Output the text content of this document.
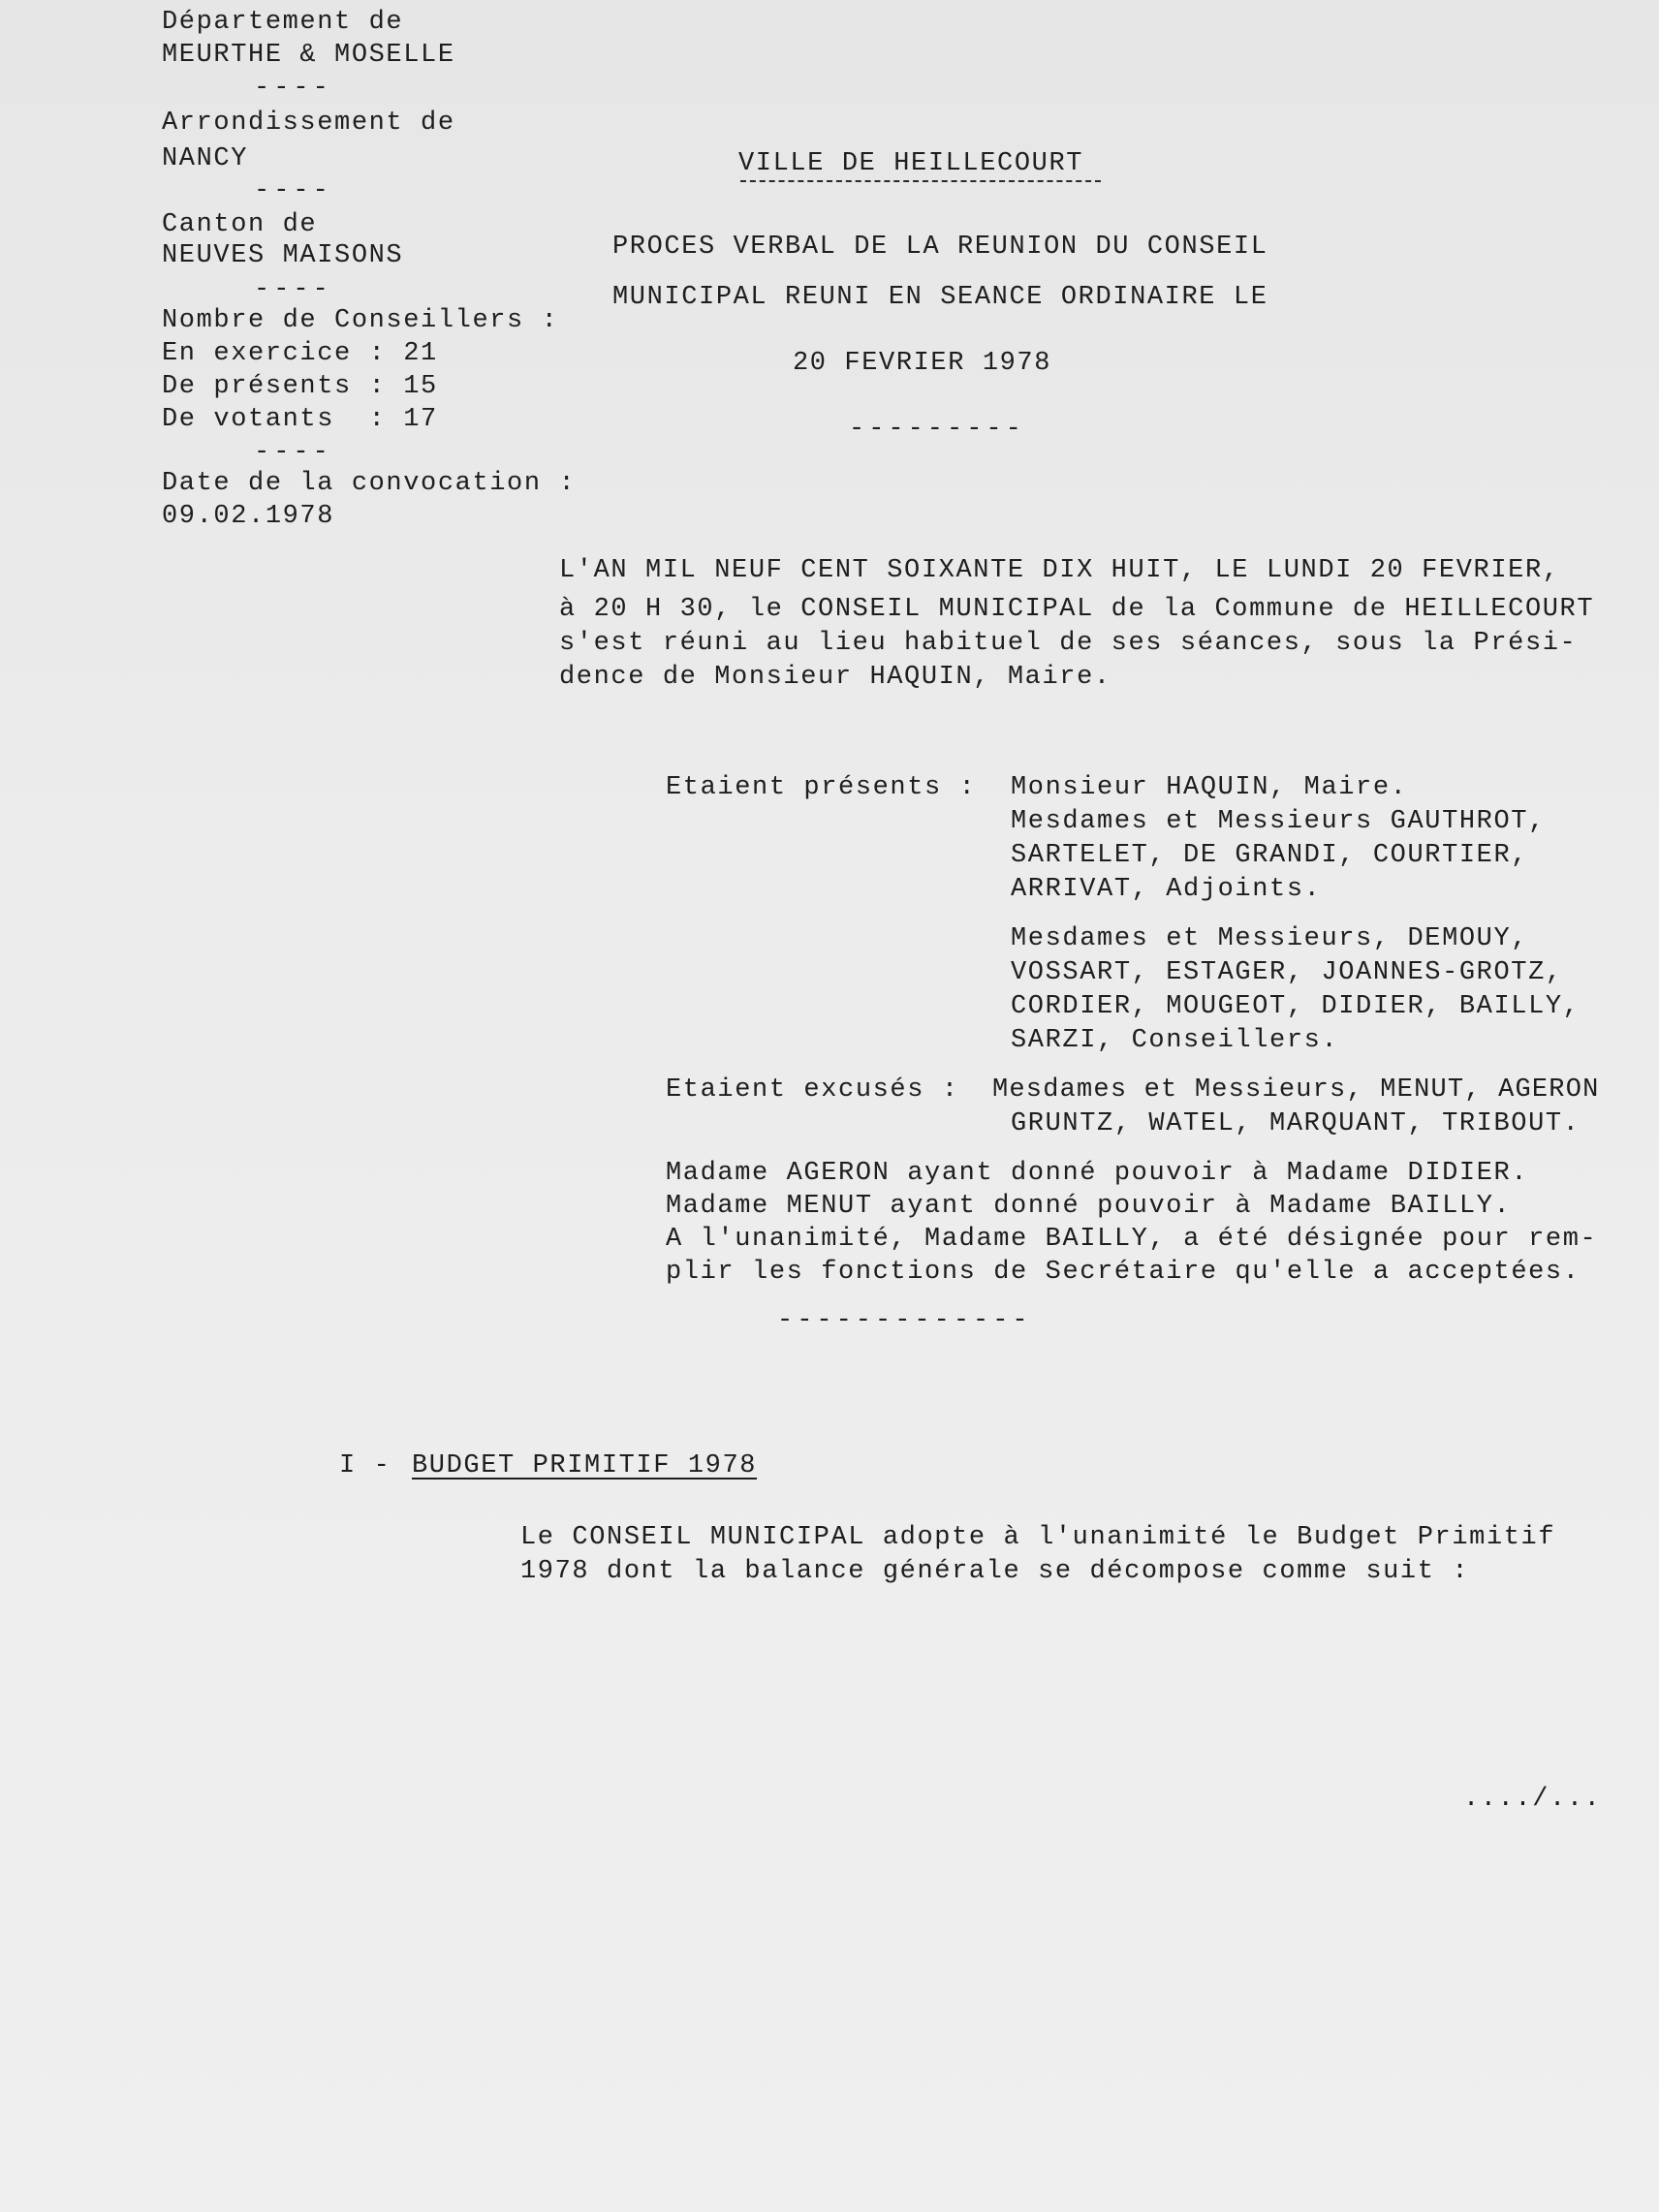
Département de
MEURTHE & MOSELLE
----
Arrondissement de
NANCY
----
Canton de
NEUVES MAISONS
----
Nombre de Conseillers :
En exercice : 21
De présents : 15
De votants  : 17
----
Date de la convocation :
09.02.1978
VILLE DE HEILLECOURT
PROCES VERBAL DE LA REUNION DU CONSEIL
MUNICIPAL REUNI EN SEANCE ORDINAIRE LE
20 FEVRIER 1978
---------
L'AN MIL NEUF CENT SOIXANTE DIX HUIT, LE LUNDI 20 FEVRIER,
à 20 H 30, le CONSEIL MUNICIPAL de la Commune de HEILLECOURT
s'est réuni au lieu habituel de ses séances, sous la Prési-
dence de Monsieur HAQUIN, Maire.
Etaient présents : Monsieur HAQUIN, Maire.
Mesdames et Messieurs GAUTHROT,
SARTELET, DE GRANDI, COURTIER,
ARRIVAT, Adjoints.
Mesdames et Messieurs, DEMOUY,
VOSSART, ESTAGER, JOANNES-GROTZ,
CORDIER, MOUGEOT, DIDIER, BAILLY,
SARZI, Conseillers.
Etaient excusés : Mesdames et Messieurs, MENUT, AGERON
GRUNTZ, WATEL, MARQUANT, TRIBOUT.
Madame AGERON ayant donné pouvoir à Madame DIDIER.
Madame MENUT ayant donné pouvoir à Madame BAILLY.
A l'unanimité, Madame BAILLY, a été désignée pour rem-
plir les fonctions de Secrétaire qu'elle a acceptées.
-------------
I - BUDGET PRIMITIF 1978
Le CONSEIL MUNICIPAL adopte à l'unanimité le Budget Primitif
1978 dont la balance générale se décompose comme suit :
..../...
